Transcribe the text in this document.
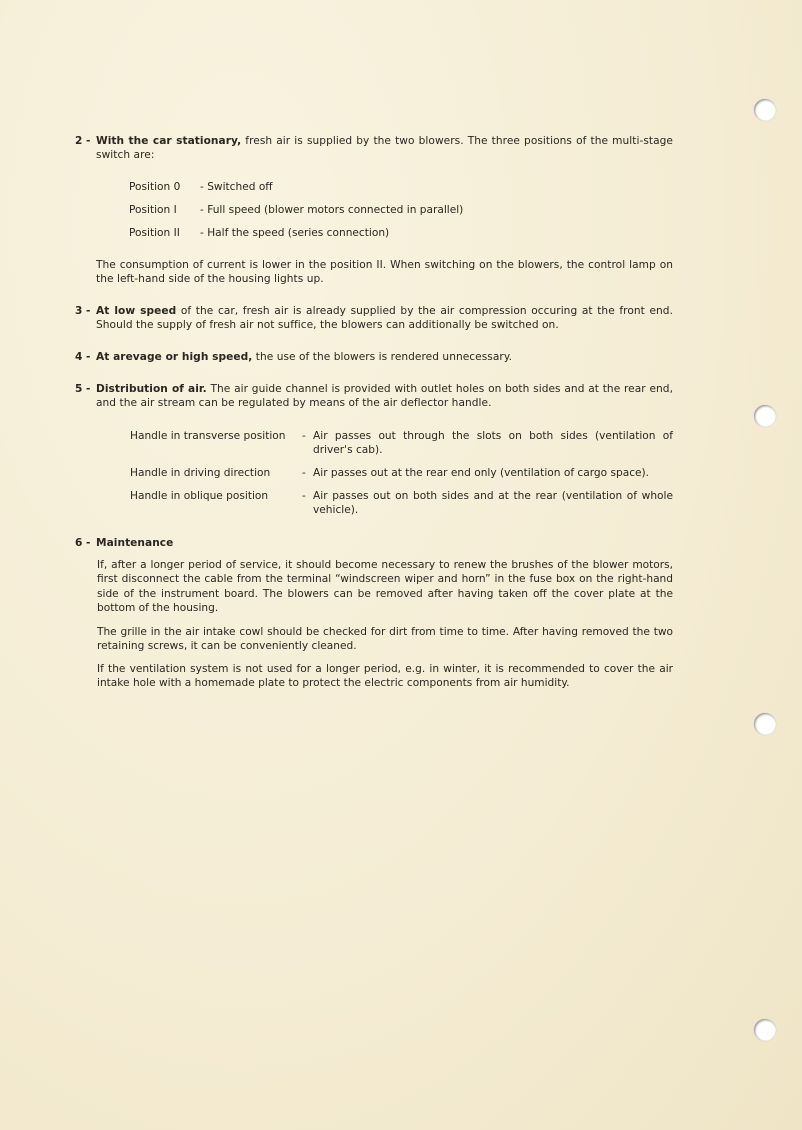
2 - With the car stationary, fresh air is supplied by the two blowers. The three positions of the multi-stage switch are:
Position 0 - Switched off
Position I - Full speed (blower motors connected in parallel)
Position II - Half the speed (series connection)
The consumption of current is lower in the position II. When switching on the blowers, the control lamp on the left-hand side of the housing lights up.
3 - At low speed of the car, fresh air is already supplied by the air compression occuring at the front end. Should the supply of fresh air not suffice, the blowers can additionally be switched on.
4 - At arevage or high speed, the use of the blowers is rendered unnecessary.
5 - Distribution of air. The air guide channel is provided with outlet holes on both sides and at the rear end, and the air stream can be regulated by means of the air deflector handle.
Handle in transverse position	- Air passes out through the slots on both sides (ventilation of driver's cab).
Handle in driving direction	- Air passes out at the rear end only (ventilation of cargo space).
Handle in oblique position	- Air passes out on both sides and at the rear (ventilation of whole vehicle).
6 - Maintenance
If, after a longer period of service, it should become necessary to renew the brushes of the blower motors, first disconnect the cable from the terminal “windscreen wiper and horn” in the fuse box on the right-hand side of the instrument board. The blowers can be removed after having taken off the cover plate at the bottom of the housing.
The grille in the air intake cowl should be checked for dirt from time to time. After having removed the two retaining screws, it can be conveniently cleaned.
If the ventilation system is not used for a longer period, e.g. in winter, it is recommended to cover the air intake hole with a homemade plate to protect the electric components from air humidity.
